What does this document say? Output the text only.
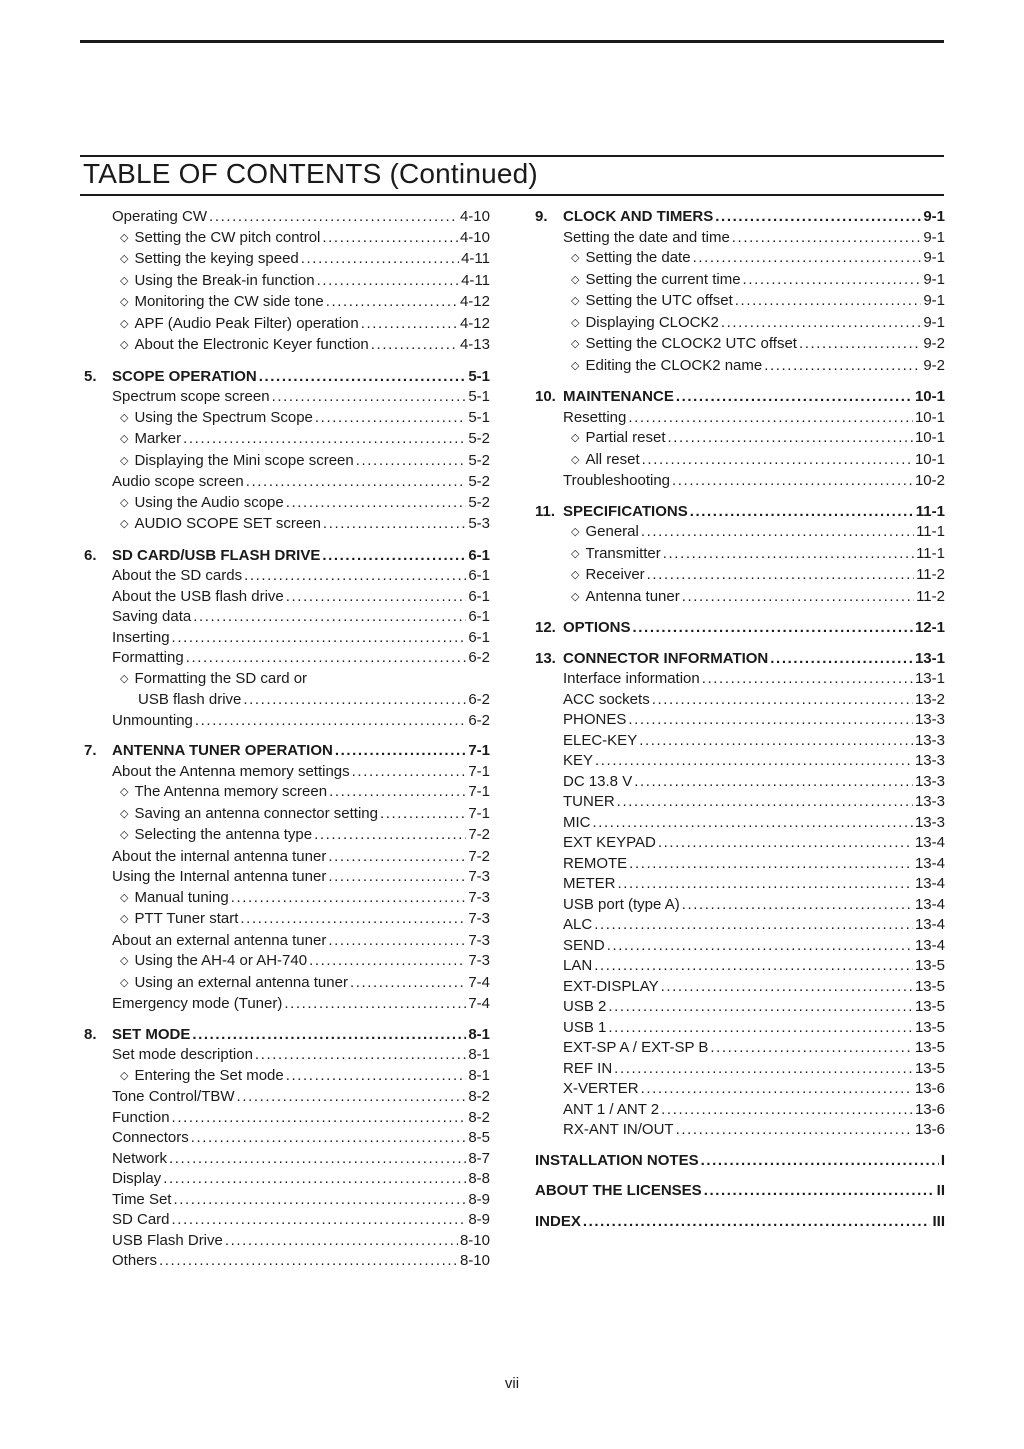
TABLE OF CONTENTS (Continued)
Operating CW .....	4-10
◇ Setting the CW pitch control .....	4-10
◇ Setting the keying speed .....	4-11
◇ Using the Break-in function .....	4-11
◇ Monitoring the CW side tone .....	4-12
◇ APF (Audio Peak Filter) operation .....	4-12
◇ About the Electronic Keyer function .....	4-13
5.	SCOPE OPERATION .....	5-1
Spectrum scope screen .....	5-1
◇ Using the Spectrum Scope .....	5-1
◇ Marker .....	5-2
◇ Displaying the Mini scope screen .....	5-2
Audio scope screen .....	5-2
◇ Using the Audio scope .....	5-2
◇ AUDIO SCOPE SET screen .....	5-3
6.	SD CARD/USB FLASH DRIVE .....	6-1
About the SD cards .....	6-1
About the USB flash drive .....	6-1
Saving data .....	6-1
Inserting .....	6-1
Formatting .....	6-2
◇ Formatting the SD card or
USB flash drive .....	6-2
Unmounting .....	6-2
7.	ANTENNA TUNER OPERATION .....	7-1
About the Antenna memory settings .....	7-1
◇ The Antenna memory screen .....	7-1
◇ Saving an antenna connector setting .....	7-1
◇ Selecting the antenna type .....	7-2
About the internal antenna tuner .....	7-2
Using the Internal antenna tuner .....	7-3
◇ Manual tuning .....	7-3
◇ PTT Tuner start .....	7-3
About an external antenna tuner .....	7-3
◇ Using the AH-4 or AH-740 .....	7-3
◇ Using an external antenna tuner .....	7-4
Emergency mode (Tuner) .....	7-4
8.	SET MODE .....	8-1
Set mode description .....	8-1
◇ Entering the Set mode .....	8-1
Tone Control/TBW .....	8-2
Function .....	8-2
Connectors .....	8-5
Network .....	8-7
Display .....	8-8
Time Set .....	8-9
SD Card .....	8-9
USB Flash Drive .....	8-10
Others .....	8-10
9.	CLOCK AND TIMERS .....	9-1
Setting the date and time .....	9-1
◇ Setting the date .....	9-1
◇ Setting the current time .....	9-1
◇ Setting the UTC offset .....	9-1
◇ Displaying CLOCK2 .....	9-1
◇ Setting the CLOCK2 UTC offset .....	9-2
◇ Editing the CLOCK2 name .....	9-2
10. MAINTENANCE .....	10-1
Resetting .....	10-1
◇ Partial reset .....	10-1
◇ All reset .....	10-1
Troubleshooting .....	10-2
11. SPECIFICATIONS .....	11-1
◇ General .....	11-1
◇ Transmitter .....	11-1
◇ Receiver .....	11-2
◇ Antenna tuner .....	11-2
12. OPTIONS .....	12-1
13. CONNECTOR INFORMATION .....	13-1
Interface information .....	13-1
ACC sockets .....	13-2
PHONES .....	13-3
ELEC-KEY .....	13-3
KEY .....	13-3
DC 13.8 V .....	13-3
TUNER .....	13-3
MIC .....	13-3
EXT KEYPAD .....	13-4
REMOTE .....	13-4
METER .....	13-4
USB port (type A) .....	13-4
ALC .....	13-4
SEND .....	13-4
LAN .....	13-5
EXT-DISPLAY .....	13-5
USB 2 .....	13-5
USB 1 .....	13-5
EXT-SP A / EXT-SP B .....	13-5
REF IN .....	13-5
X-VERTER .....	13-6
ANT 1 / ANT 2 .....	13-6
RX-ANT IN/OUT .....	13-6
INSTALLATION NOTES .....	I
ABOUT THE LICENSES .....	II
INDEX .....	III
vii
